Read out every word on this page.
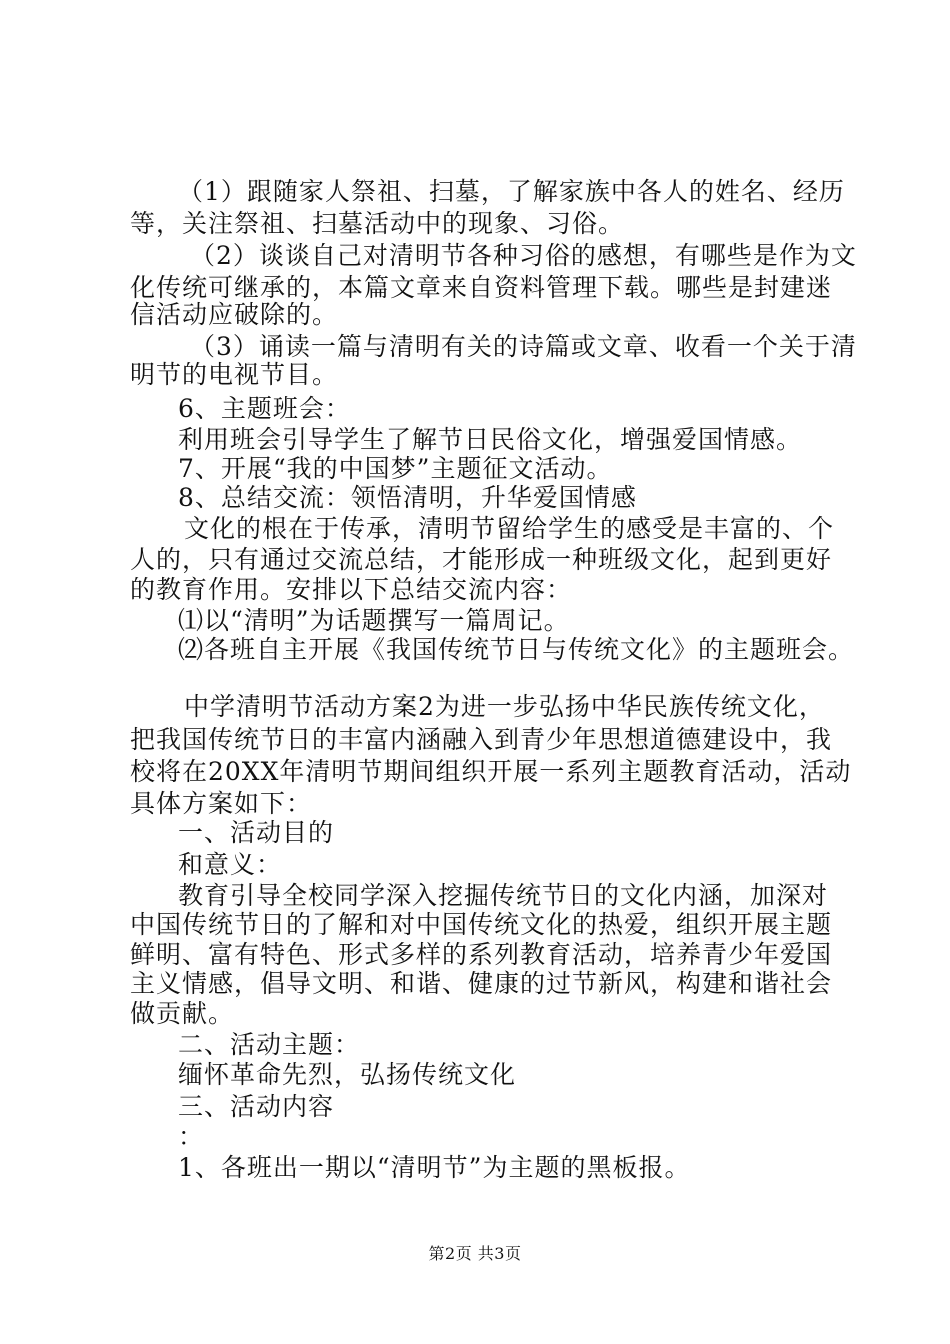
（1）跟随家人祭祖、扫墓，了解家族中各人的姓名、经历
等，关注祭祖、扫墓活动中的现象、习俗。
（2）谈谈自己对清明节各种习俗的感想，有哪些是作为文
化传统可继承的，本篇文章来自资料管理下载。哪些是封建迷
信活动应破除的。
（3）诵读一篇与清明有关的诗篇或文章、收看一个关于清
明节的电视节目。
6、主题班会：
利用班会引导学生了解节日民俗文化，增强爱国情感。
7、开展“我的中国梦”主题征文活动。
8、总结交流：领悟清明，升华爱国情感
文化的根在于传承，清明节留给学生的感受是丰富的、个
人的，只有通过交流总结，才能形成一种班级文化，起到更好
的教育作用。安排以下总结交流内容：
⑴以“清明”为话题撰写一篇周记。
⑵各班自主开展《我国传统节日与传统文化》的主题班会。
中学清明节活动方案2为进一步弘扬中华民族传统文化，
把我国传统节日的丰富内涵融入到青少年思想道德建设中，我
校将在20XX年清明节期间组织开展一系列主题教育活动，活动
具体方案如下：
一、活动目的
和意义：
教育引导全校同学深入挖掘传统节日的文化内涵，加深对
中国传统节日的了解和对中国传统文化的热爱，组织开展主题
鲜明、富有特色、形式多样的系列教育活动，培养青少年爱国
主义情感，倡导文明、和谐、健康的过节新风，构建和谐社会
做贡献。
二、活动主题：
缅怀革命先烈，弘扬传统文化
三、活动内容
：
1、各班出一期以“清明节”为主题的黑板报。
第2页 共3页
